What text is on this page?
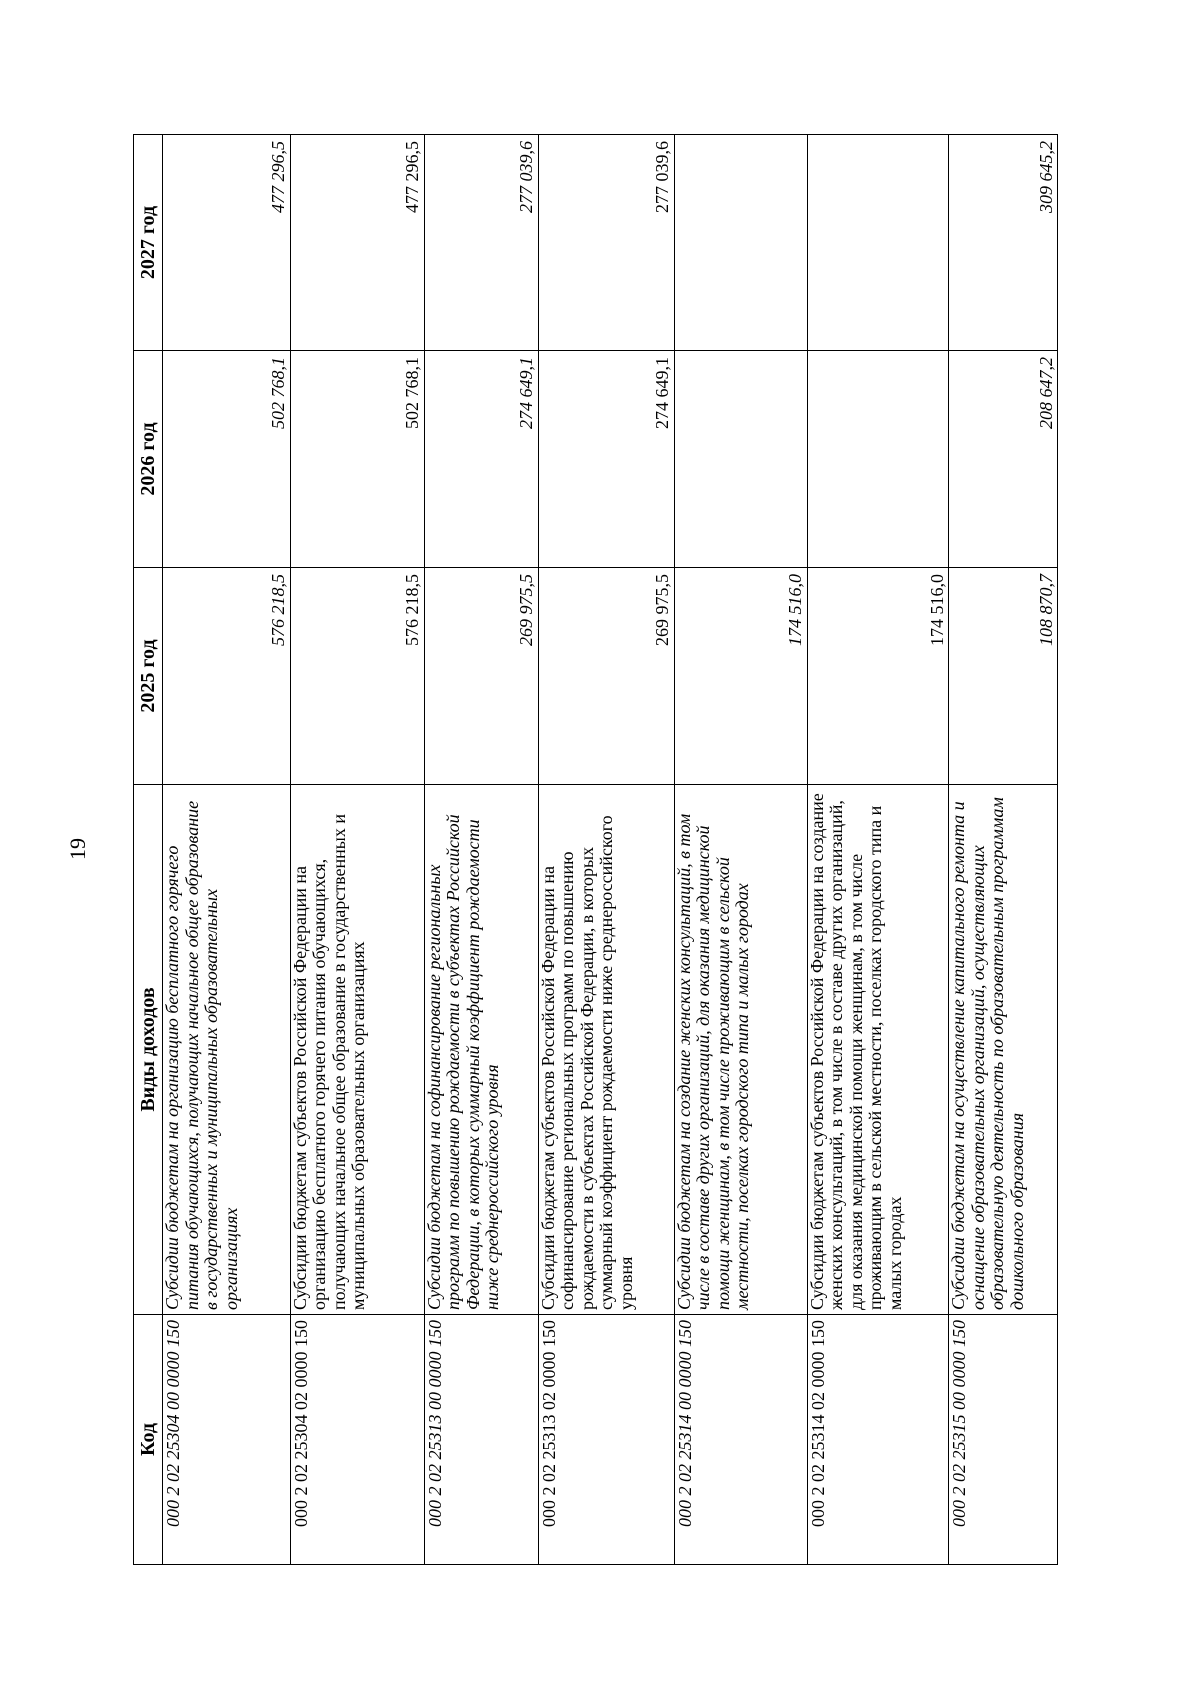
19
Код	Виды доходов	2025 год	2026 год	2027 год
000 2 02 25304 00 0000 150	Субсидии бюджетам на организацию бесплатного горячего питания обучающихся, получающих начальное общее образование в государственных и муниципальных образовательных организациях	576 218,5	502 768,1	477 296,5
000 2 02 25304 02 0000 150	Субсидии бюджетам субъектов Российской Федерации на организацию бесплатного горячего питания обучающихся, получающих начальное общее образование в государственных и муниципальных образовательных организациях	576 218,5	502 768,1	477 296,5
000 2 02 25313 00 0000 150	Субсидии бюджетам на софинансирование региональных программ по повышению рождаемости в субъектах Российской Федерации, в которых суммарный коэффициент рождаемости ниже среднероссийского уровня	269 975,5	274 649,1	277 039,6
000 2 02 25313 02 0000 150	Субсидии бюджетам субъектов Российской Федерации на софинансирование региональных программ по повышению рождаемости в субъектах Российской Федерации, в которых суммарный коэффициент рождаемости ниже среднероссийского уровня	269 975,5	274 649,1	277 039,6
000 2 02 25314 00 0000 150	Субсидии бюджетам на создание женских консультаций, в том числе в составе других организаций, для оказания медицинской помощи женщинам, в том числе проживающим в сельской местности, поселках городского типа и малых городах	174 516,0		
000 2 02 25314 02 0000 150	Субсидии бюджетам субъектов Российской Федерации на создание женских консультаций, в том числе в составе других организаций, для оказания медицинской помощи женщинам, в том числе проживающим в сельской местности, поселках городского типа и малых городах	174 516,0		
000 2 02 25315 00 0000 150	Субсидии бюджетам на осуществление капитального ремонта и оснащение образовательных организаций, осуществляющих образовательную деятельность по образовательным программам дошкольного образования	108 870,7	208 647,2	309 645,2
